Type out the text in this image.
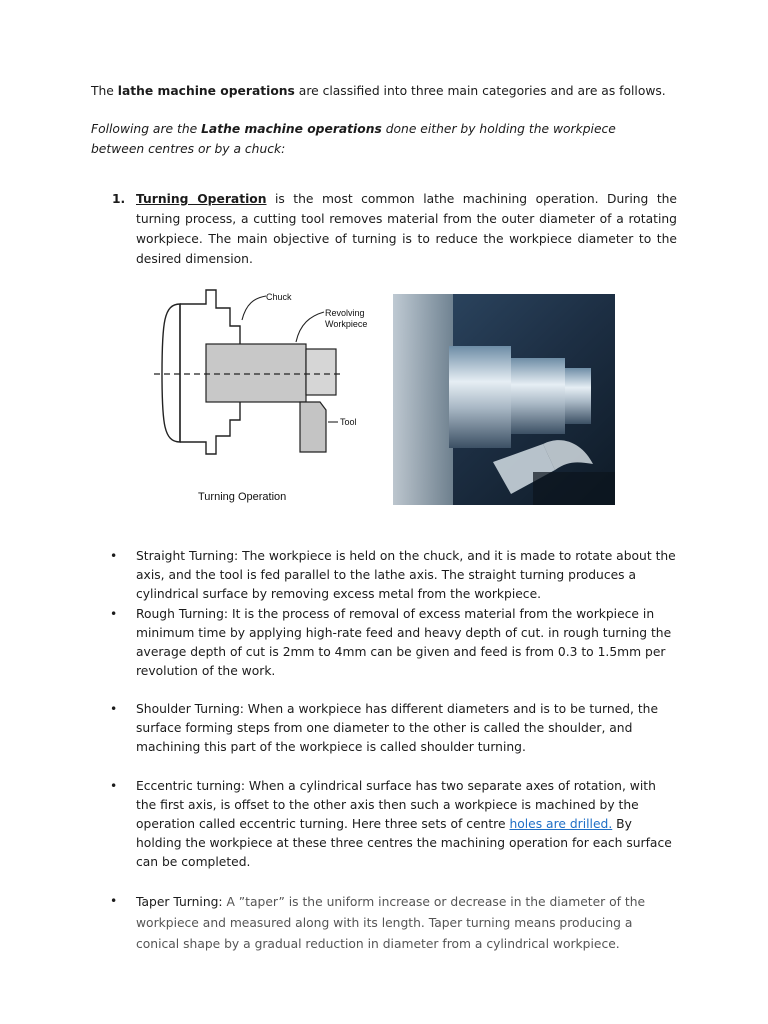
The lathe machine operations are classified into three main categories and are as follows.
Following are the Lathe machine operations done either by holding the workpiece between centres or by a chuck:
1. Turning Operation is the most common lathe machining operation. During the turning process, a cutting tool removes material from the outer diameter of a rotating workpiece. The main objective of turning is to reduce the workpiece diameter to the desired dimension.
Chuck
Revolving
Workpiece
Tool
Turning Operation
• Straight Turning: The workpiece is held on the chuck, and it is made to rotate about the axis, and the tool is fed parallel to the lathe axis. The straight turning produces a cylindrical surface by removing excess metal from the workpiece.
• Rough Turning: It is the process of removal of excess material from the workpiece in minimum time by applying high-rate feed and heavy depth of cut. in rough turning the average depth of cut is 2mm to 4mm can be given and feed is from 0.3 to 1.5mm per revolution of the work.
• Shoulder Turning: When a workpiece has different diameters and is to be turned, the surface forming steps from one diameter to the other is called the shoulder, and machining this part of the workpiece is called shoulder turning.
• Eccentric turning: When a cylindrical surface has two separate axes of rotation, with the first axis, is offset to the other axis then such a workpiece is machined by the operation called eccentric turning. Here three sets of centre holes are drilled. By holding the workpiece at these three centres the machining operation for each surface can be completed.
• Taper Turning: A ”taper” is the uniform increase or decrease in the diameter of the workpiece and measured along with its length. Taper turning means producing a conical shape by a gradual reduction in diameter from a cylindrical workpiece.
